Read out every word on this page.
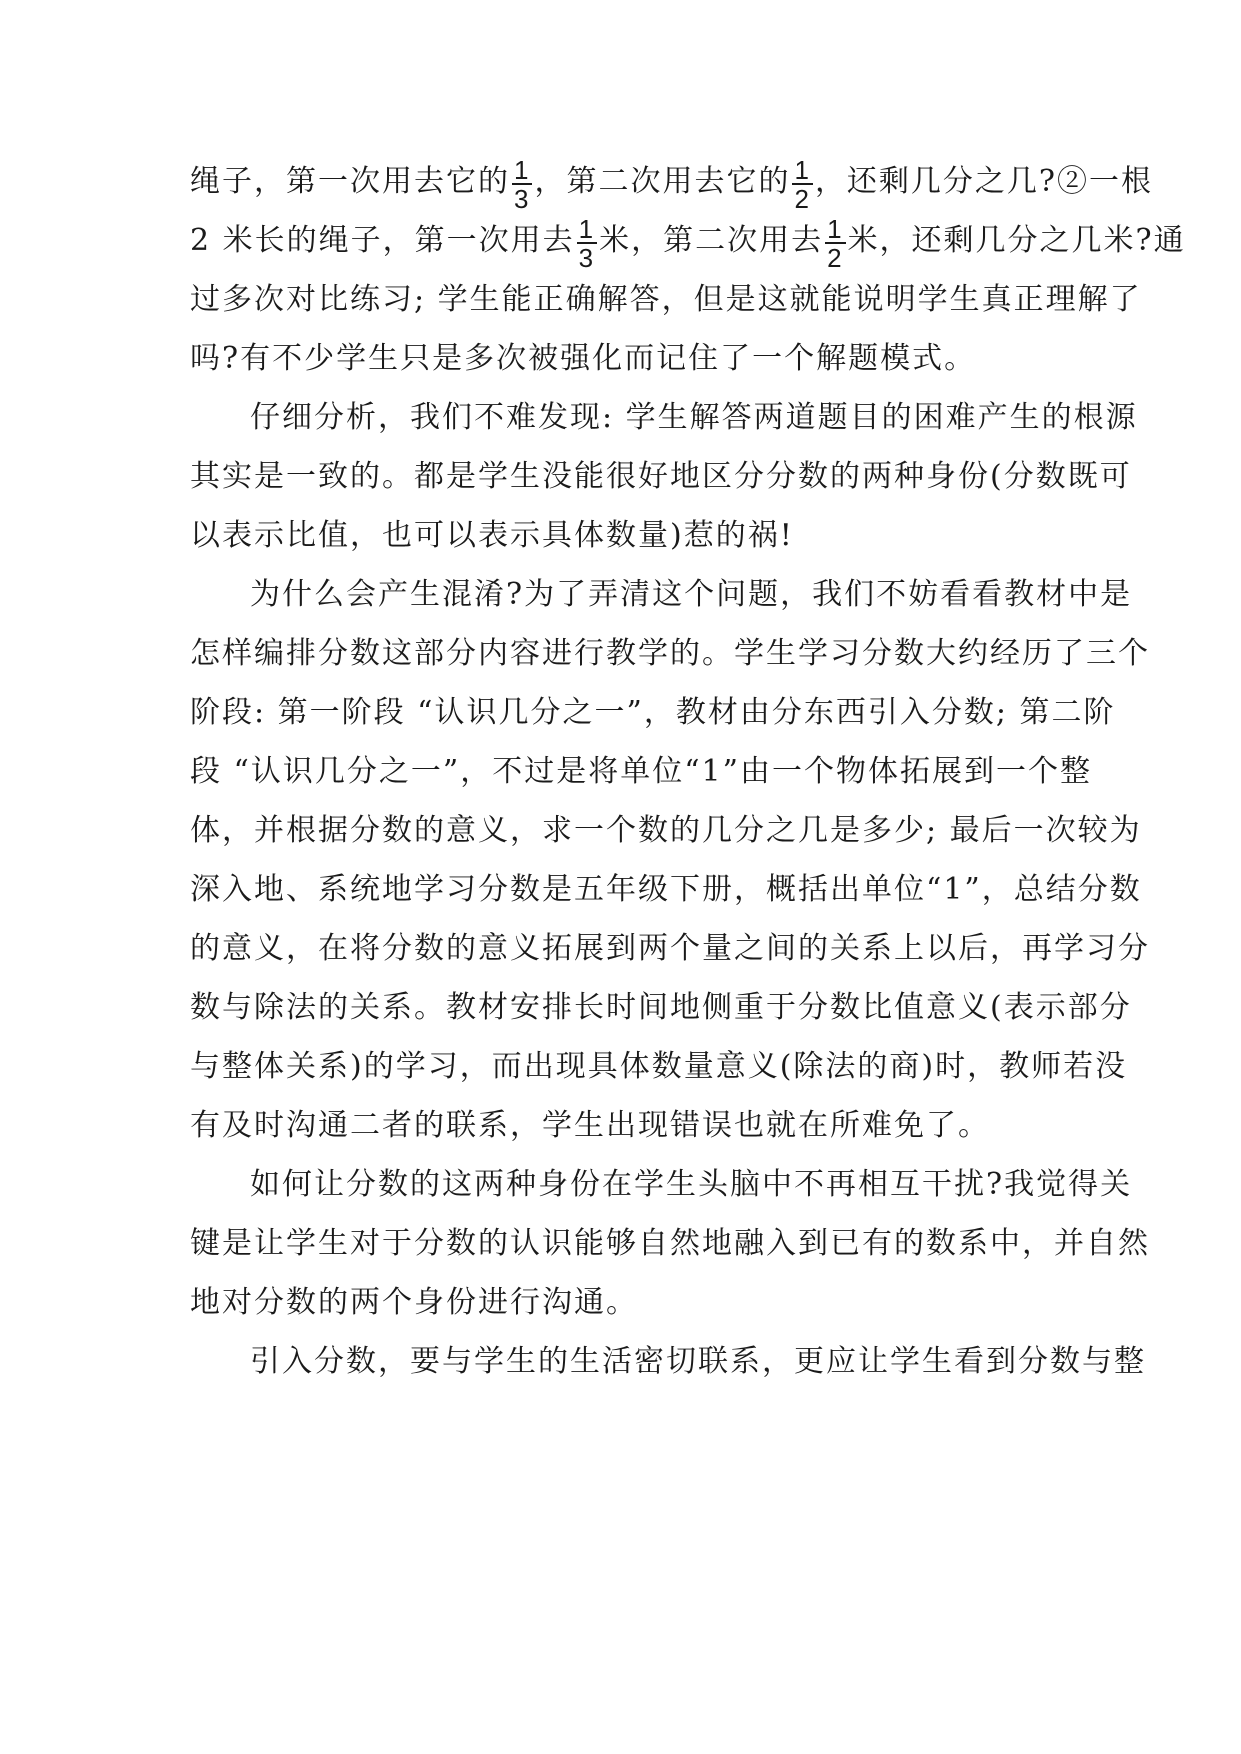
绳子，第一次用去它的 $\frac{1}{3}$ ，第二次用去它的 $\frac{1}{2}$ ，还剩几分之几?②一根
2 米长的绳子，第一次用去 $\frac{1}{3}$ 米，第二次用去 $\frac{1}{2}$ 米，还剩几分之几米?通
过多次对比练习; 学生能正确解答，但是这就能说明学生真正理解了
吗?有不少学生只是多次被强化而记住了一个解题模式。
仔细分析，我们不难发现: 学生解答两道题目的困难产生的根源
其实是一致的。都是学生没能很好地区分分数的两种身份(分数既可
以表示比值，也可以表示具体数量)惹的祸!
为什么会产生混淆?为了弄清这个问题，我们不妨看看教材中是
怎样编排分数这部分内容进行教学的。学生学习分数大约经历了三个
阶段: 第一阶段 “认识几分之一”，教材由分东西引入分数; 第二阶
段 “认识几分之一”，不过是将单位“1”由一个物体拓展到一个整
体，并根据分数的意义，求一个数的几分之几是多少; 最后一次较为
深入地、系统地学习分数是五年级下册，概括出单位“1”，总结分数
的意义，在将分数的意义拓展到两个量之间的关系上以后，再学习分
数与除法的关系。教材安排长时间地侧重于分数比值意义(表示部分
与整体关系)的学习，而出现具体数量意义(除法的商)时，教师若没
有及时沟通二者的联系，学生出现错误也就在所难免了。
如何让分数的这两种身份在学生头脑中不再相互干扰?我觉得关
键是让学生对于分数的认识能够自然地融入到已有的数系中，并自然
地对分数的两个身份进行沟通。
引入分数，要与学生的生活密切联系，更应让学生看到分数与整
